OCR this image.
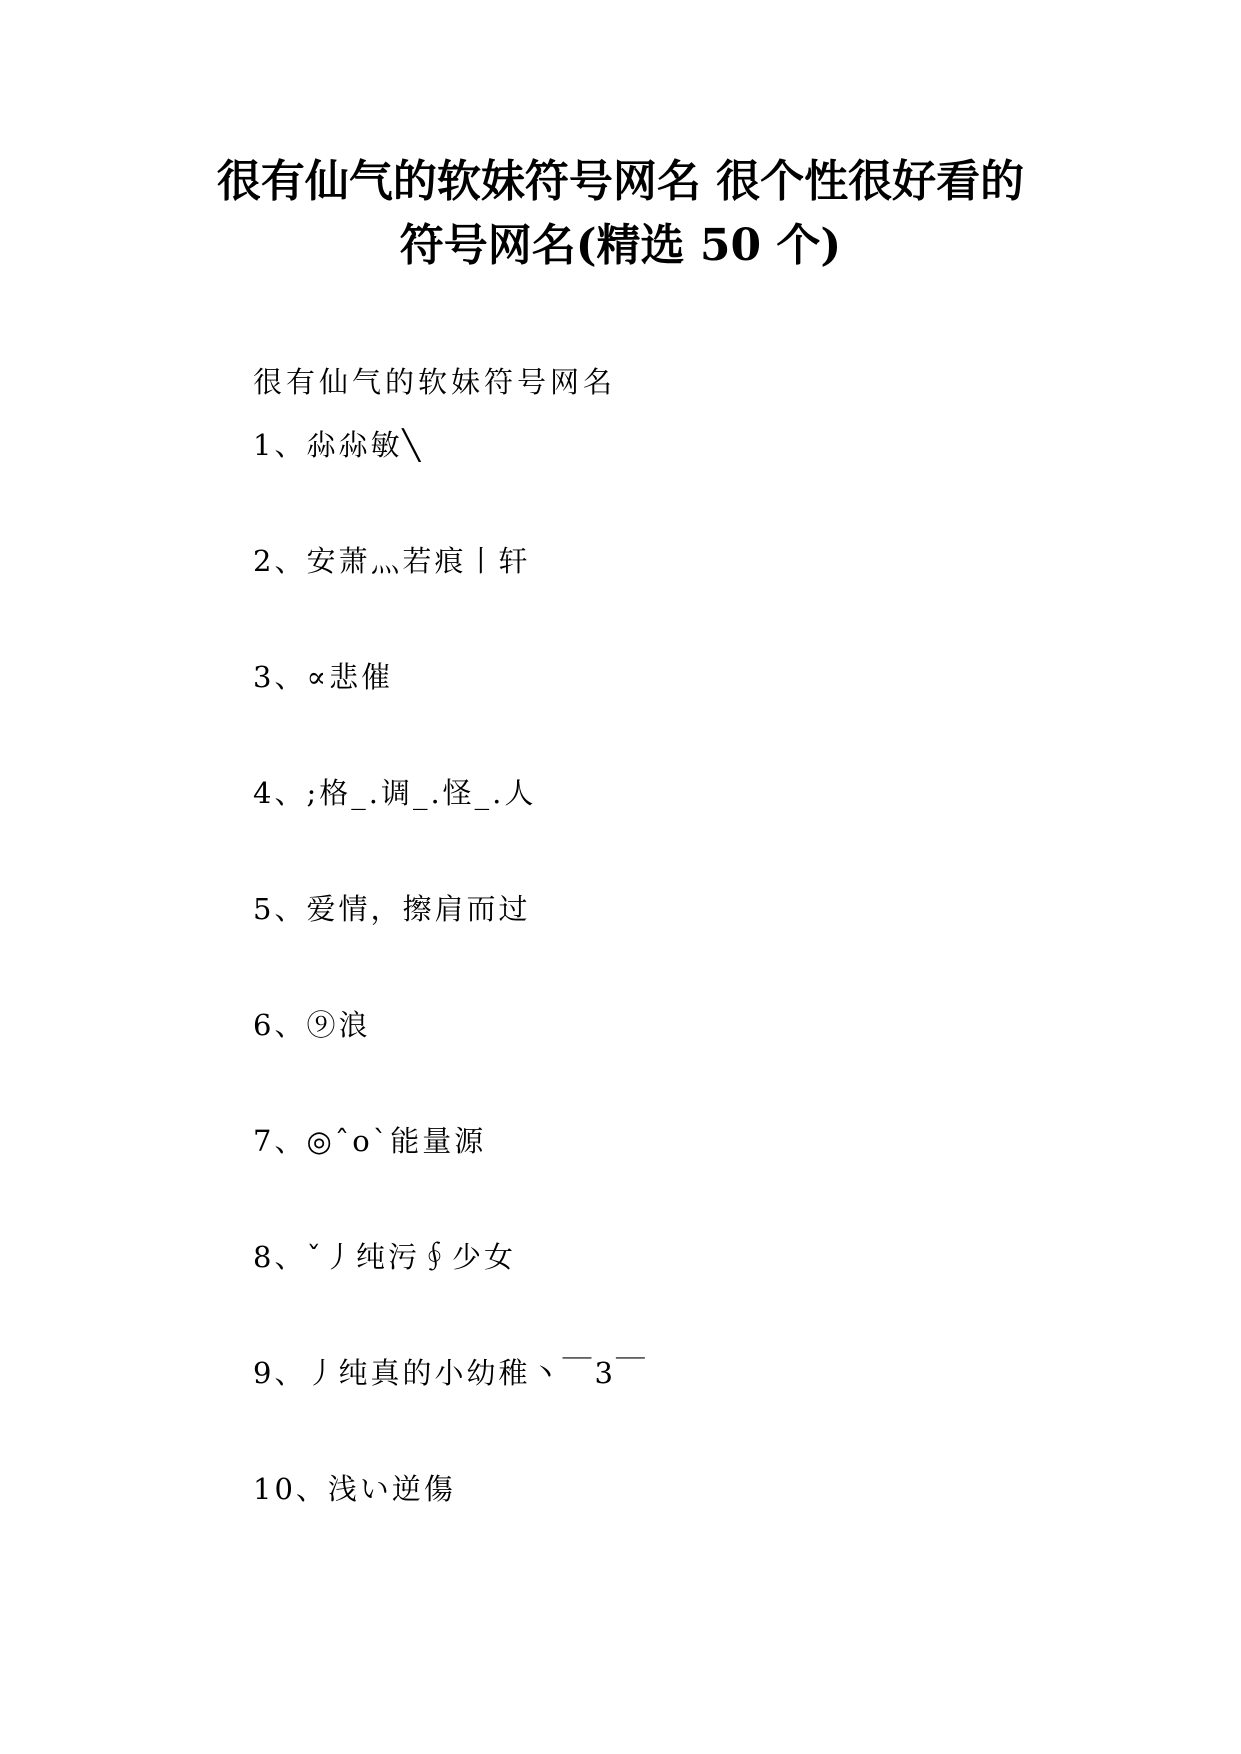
很有仙气的软妹符号网名 很个性很好看的
符号网名(精选 50 个)
很有仙气的软妹符号网名
1、尛尛敏╲
2、安萧灬若痕丨轩
3、∝悲催
4、;格_.调_.怪_.人
5、爱情，擦肩而过
6、⑨浪
7、◎ˆoˋ能量源
8、ˇ丿纯污∮少女
9、丿纯真的小幼稚丶￣3￣
10、浅い逆傷
